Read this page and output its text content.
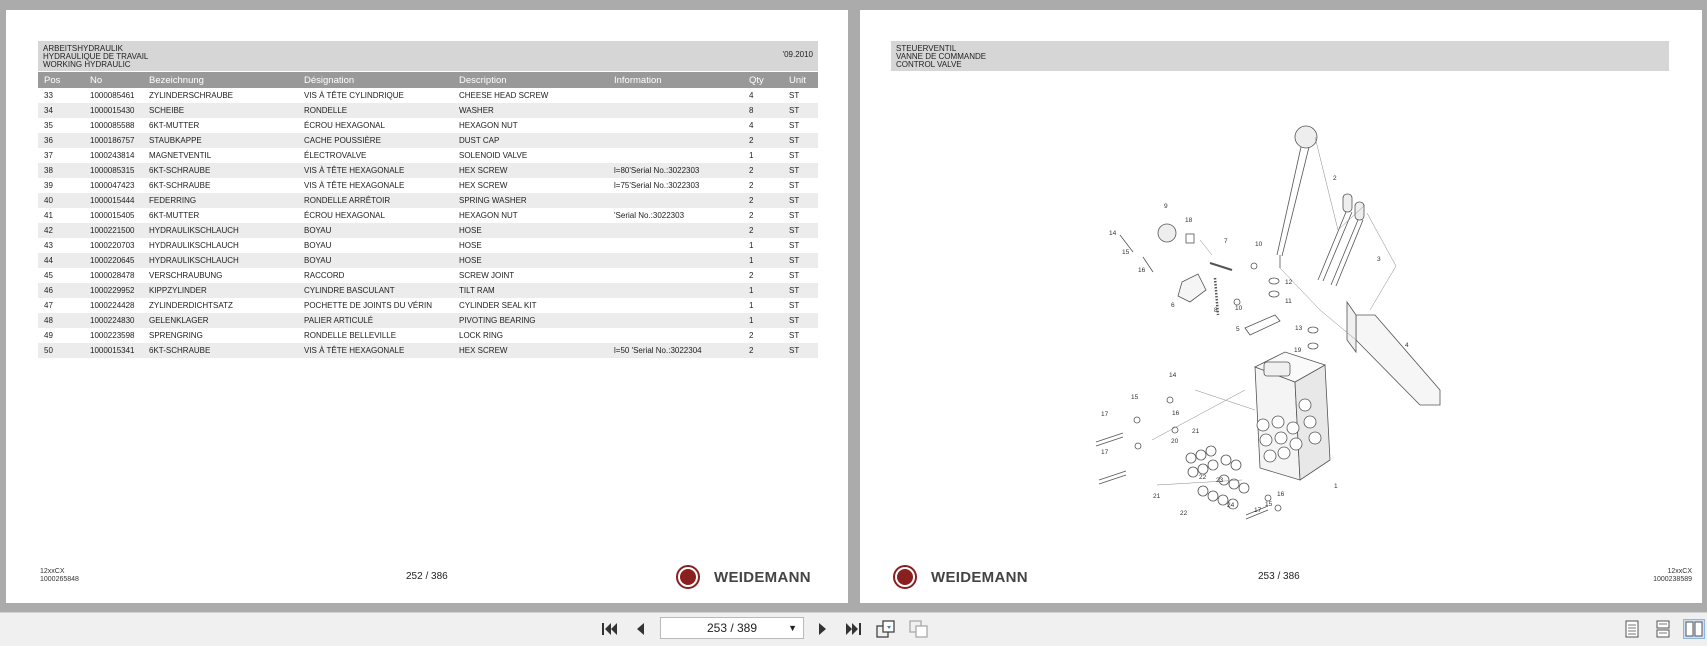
ARBEITSHYDRAULIK
HYDRAULIQUE DE TRAVAIL
WORKING HYDRAULIC
'09.2010
Pos	No	Bezeichnung	Désignation	Description	Information	Qty	Unit
33	1000085461	ZYLINDERSCHRAUBE	VIS À TÊTE CYLINDRIQUE	CHEESE HEAD SCREW		4	ST
34	1000015430	SCHEIBE	RONDELLE	WASHER		8	ST
35	1000085588	6KT-MUTTER	ÉCROU HEXAGONAL	HEXAGON NUT		4	ST
36	1000186757	STAUBKAPPE	CACHE POUSSIÈRE	DUST CAP		2	ST
37	1000243814	MAGNETVENTIL	ÉLECTROVALVE	SOLENOID VALVE		1	ST
38	1000085315	6KT-SCHRAUBE	VIS À TÊTE HEXAGONALE	HEX SCREW	l=80'Serial No.:3022303	2	ST
39	1000047423	6KT-SCHRAUBE	VIS À TÊTE HEXAGONALE	HEX SCREW	l=75'Serial No.:3022303	2	ST
40	1000015444	FEDERRING	RONDELLE ARRÊTOIR	SPRING WASHER		2	ST
41	1000015405	6KT-MUTTER	ÉCROU HEXAGONAL	HEXAGON NUT	'Serial No.:3022303	2	ST
42	1000221500	HYDRAULIKSCHLAUCH	BOYAU	HOSE		2	ST
43	1000220703	HYDRAULIKSCHLAUCH	BOYAU	HOSE		1	ST
44	1000220645	HYDRAULIKSCHLAUCH	BOYAU	HOSE		1	ST
45	1000028478	VERSCHRAUBUNG	RACCORD	SCREW JOINT		2	ST
46	1000229952	KIPPZYLINDER	CYLINDRE BASCULANT	TILT RAM		1	ST
47	1000224428	ZYLINDERDICHTSATZ	POCHETTE DE JOINTS DU VÉRIN	CYLINDER SEAL KIT		1	ST
48	1000224830	GELENKLAGER	PALIER ARTICULÉ	PIVOTING BEARING		1	ST
49	1000223598	SPRENGRING	RONDELLE BELLEVILLE	LOCK RING		2	ST
50	1000015341	6KT-SCHRAUBE	VIS À TÊTE HEXAGONALE	HEX SCREW	l=50 'Serial No.:3022304	2	ST
12xxCX
1000265848	252 / 386	WEIDEMANN
STEUERVENTIL
VANNE DE COMMANDE
CONTROL VALVE
1
2
3
4
5
6
7
8
9
10
10
11
12
13
14
14
15
15
15
16
16
16
17
17
17
18
19
20
21
21
22
22
23
24
WEIDEMANN	253 / 386	12xxCX
1000238589
253 / 389	▼
